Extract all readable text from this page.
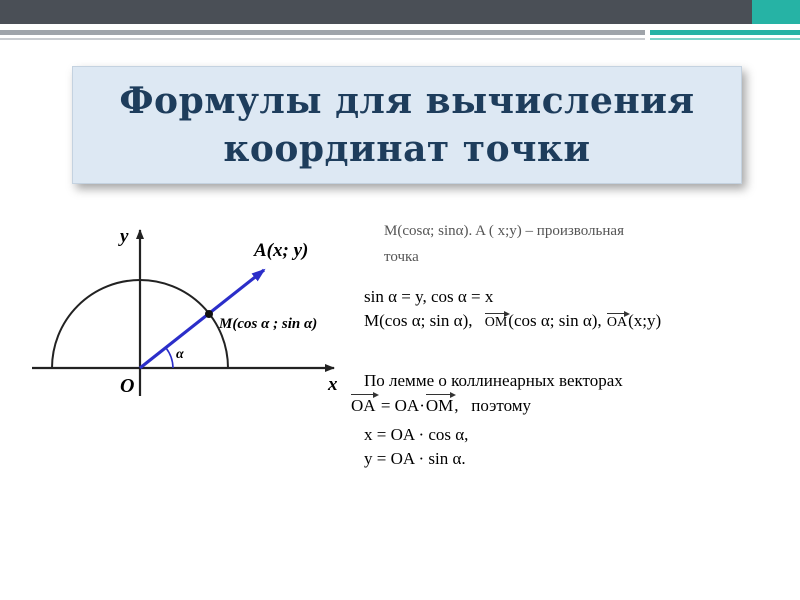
Формулы для вычисления
координат точки
y
x
O
α
A(x; y)
M(cos α ; sin α)
M(cosα; sinα). A ( x;y) – произвольная
точка
sin α = y, cos α = x
M(cos α; sin α), OM(cos α; sin α), OA(x;y)
По лемме о коллинеарных векторах
OA = OA·
OM,   поэтому
x = OA · cos α,
y = OA · sin α.
